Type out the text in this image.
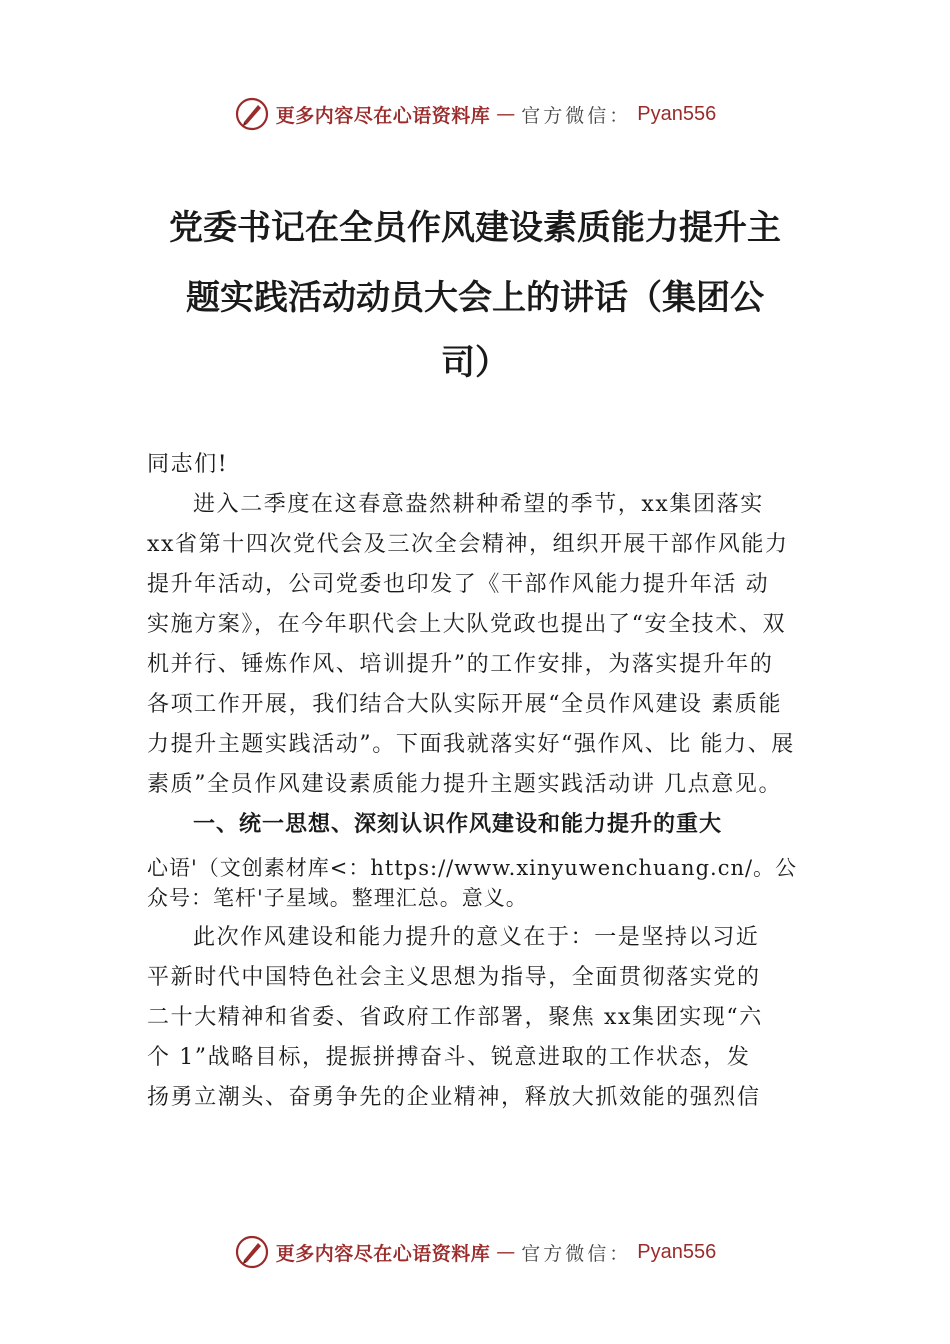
更多内容尽在心语资料库 — 官方微信： Pyan556
党委书记在全员作风建设素质能力提升主
题实践活动动员大会上的讲话（集团公
司）
同志们!
进入二季度在这春意盎然耕种希望的季节，xx集团落实
xx省第十四次党代会及三次全会精神，组织开展干部作风能力
提升年活动，公司党委也印发了《干部作风能力提升年活 动
实施方案》，在今年职代会上大队党政也提出了“安全技术、双
机并行、锤炼作风、培训提升”的工作安排，为落实提升年的
各项工作开展，我们结合大队实际开展“全员作风建设 素质能
力提升主题实践活动”。下面我就落实好“强作风、比 能力、展
素质”全员作风建设素质能力提升主题实践活动讲 几点意见。
一、统一思想、深刻认识作风建设和能力提升的重大
心语'（文创素材库<：https://www.xinyuwenchuang.cn/。公
众号：笔杆'子星域。整理汇总。意义。
此次作风建设和能力提升的意义在于：一是坚持以习近
平新时代中国特色社会主义思想为指导，全面贯彻落实党的
二十大精神和省委、省政府工作部署，聚焦 xx集团实现“六
个 1”战略目标，提振拼搏奋斗、锐意进取的工作状态，发
扬勇立潮头、奋勇争先的企业精神，释放大抓效能的强烈信
更多内容尽在心语资料库 — 官方微信： Pyan556
